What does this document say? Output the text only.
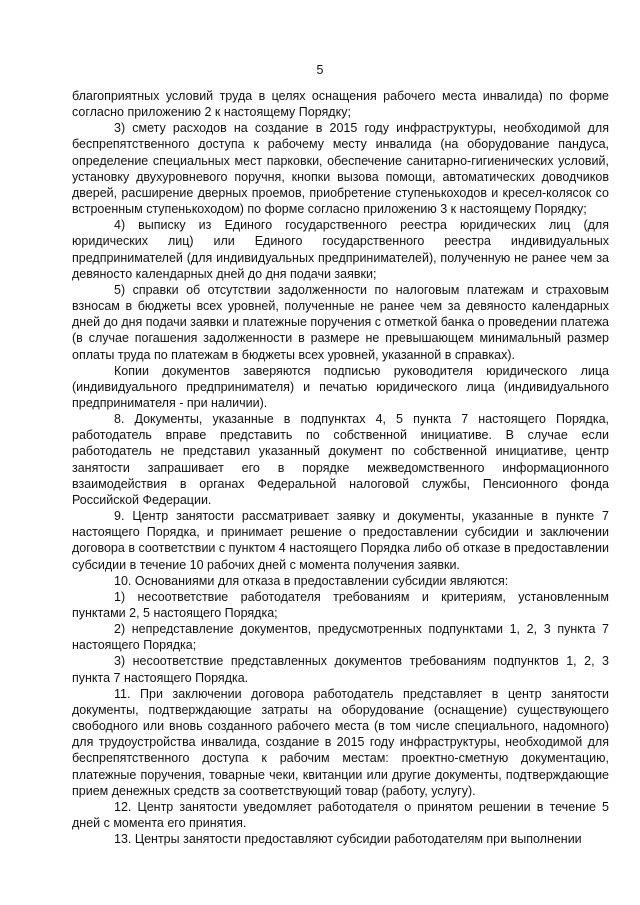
5

благоприятных условий труда в целях оснащения рабочего места инвалида) по форме согласно приложению 2 к настоящему Порядку;

3) смету расходов на создание в 2015 году инфраструктуры, необходимой для беспрепятственного доступа к рабочему месту инвалида (на оборудование пандуса, определение специальных мест парковки, обеспечение санитарно-гигиенических условий, установку двухуровневого поручня, кнопки вызова помощи, автоматических доводчиков дверей, расширение дверных проемов, приобретение ступенькоходов и кресел-колясок со встроенным ступенькоходом) по форме согласно приложению 3 к настоящему Порядку;

4) выписку из Единого государственного реестра юридических лиц (для юридических лиц) или Единого государственного реестра индивидуальных предпринимателей (для индивидуальных предпринимателей), полученную не ранее чем за девяносто календарных дней до дня подачи заявки;

5) справки об отсутствии задолженности по налоговым платежам и страховым взносам в бюджеты всех уровней, полученные не ранее чем за девяносто календарных дней до дня подачи заявки и платежные поручения с отметкой банка о проведении платежа (в случае погашения задолженности в размере не превышающем минимальный размер оплаты труда по платежам в бюджеты всех уровней, указанной в справках).

Копии документов заверяются подписью руководителя юридического лица (индивидуального предпринимателя) и печатью юридического лица (индивидуального предпринимателя - при наличии).

8. Документы, указанные в подпунктах 4, 5 пункта 7 настоящего Порядка, работодатель вправе представить по собственной инициативе. В случае если работодатель не представил указанный документ по собственной инициативе, центр занятости запрашивает его в порядке межведомственного информационного взаимодействия в органах Федеральной налоговой службы, Пенсионного фонда Российской Федерации.

9. Центр занятости рассматривает заявку и документы, указанные в пункте 7 настоящего Порядка, и принимает решение о предоставлении субсидии и заключении договора в соответствии с пунктом 4 настоящего Порядка либо об отказе в предоставлении субсидии в течение 10 рабочих дней с момента получения заявки.

10. Основаниями для отказа в предоставлении субсидии являются:

1) несоответствие работодателя требованиям и критериям, установленным пунктами 2, 5 настоящего Порядка;

2) непредставление документов, предусмотренных подпунктами 1, 2, 3 пункта 7 настоящего Порядка;

3) несоответствие представленных документов требованиям подпунктов 1, 2, 3 пункта 7 настоящего Порядка.

11. При заключении договора работодатель представляет в центр занятости документы, подтверждающие затраты на оборудование (оснащение) существующего свободного или вновь созданного рабочего места (в том числе специального, надомного) для трудоустройства инвалида, создание в 2015 году инфраструктуры, необходимой для беспрепятственного доступа к рабочим местам: проектно-сметную документацию, платежные поручения, товарные чеки, квитанции или другие документы, подтверждающие прием денежных средств за соответствующий товар (работу, услугу).

12. Центр занятости уведомляет работодателя о принятом решении в течение 5 дней с момента его принятия.

13. Центры занятости предоставляют субсидии работодателям при выполнении
